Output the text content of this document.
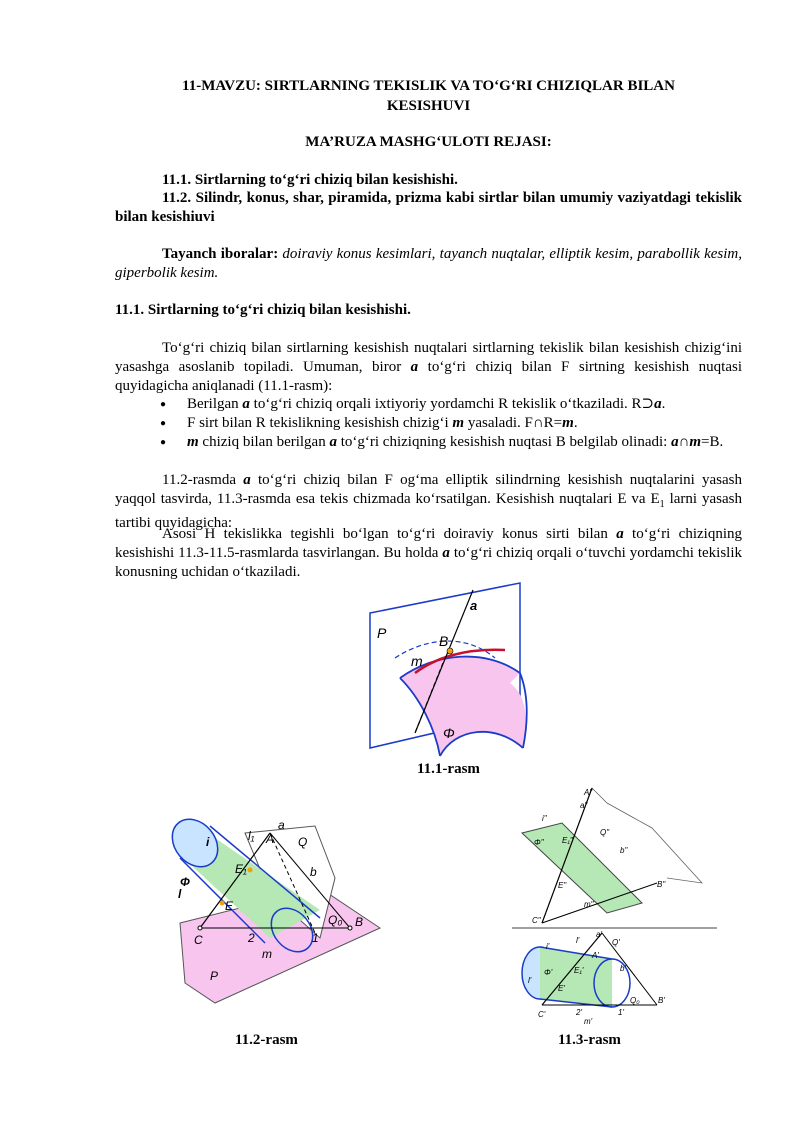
11-MAVZU: SIRTLARNING TEKISLIK VA TO‘G‘RI CHIZIQLAR BILAN
KESISHUVI
MA’RUZA MASHG‘ULOTI REJASI:
11.1. Sirtlarning to‘g‘ri chiziq bilan kesishishi.
11.2. Silindr, konus, shar, piramida, prizma kabi sirtlar bilan umumiy vaziyatdagi tekislik bilan kesishiuvi
Tayanch iboralar: doiraviy konus kesimlari, tayanch nuqtalar, elliptik kesim, parabollik kesim, giperbolik kesim.
11.1. Sirtlarning to‘g‘ri chiziq bilan kesishishi.
To‘g‘ri chiziq bilan sirtlarning kesishish nuqtalari sirtlarning tekislik bilan kesishish chizig‘ini yasashga asoslanib topiladi. Umuman, biror a to‘g‘ri chiziq bilan F sirtning kesishish nuqtasi quyidagicha aniqlanadi (11.1-rasm):
● Berilgan a to‘g‘ri chiziq orqali ixtiyoriy yordamchi R tekislik o‘tkaziladi. R⊃a.
● F sirt bilan R tekislikning kesishish chizig‘i m yasaladi. F∩R=m.
● m chiziq bilan berilgan a to‘g‘ri chiziqning kesishish nuqtasi B belgilab olinadi: a∩m=B.
11.2-rasmda a to‘g‘ri chiziq bilan F og‘ma elliptik silindrning kesishish nuqtalarini yasash yaqqol tasvirda, 11.3-rasmda esa tekis chizmada ko‘rsatilgan. Kesishish nuqtalari E va $E_1$ larni yasash tartibi quyidagicha:
Asosi H tekislikka tegishli bo‘lgan to‘g‘ri doiraviy konus sirti bilan a to‘g‘ri chiziqning kesishishi 11.3-11.5-rasmlarda tasvirlangan. Bu holda a to‘g‘ri chiziq orqali o‘tuvchi yordamchi tekislik konusning uchidan o‘tkaziladi.
P
a
B
m
Φ
11.1-rasm
i	l₁ A
a
Q
E₁
Φ
b
l
E
Q₀ B
C	2	1
m
P
11.2-rasm
A"
a"
i"
E₁"
Q"
Φ"
b"
E"	B"
m"
C"
a'
i'
l'	Q'
A'
Φ'	E₁'	b'
l'
E'
Q₀ B'
C'	2'	1'
m'
11.3-rasm
